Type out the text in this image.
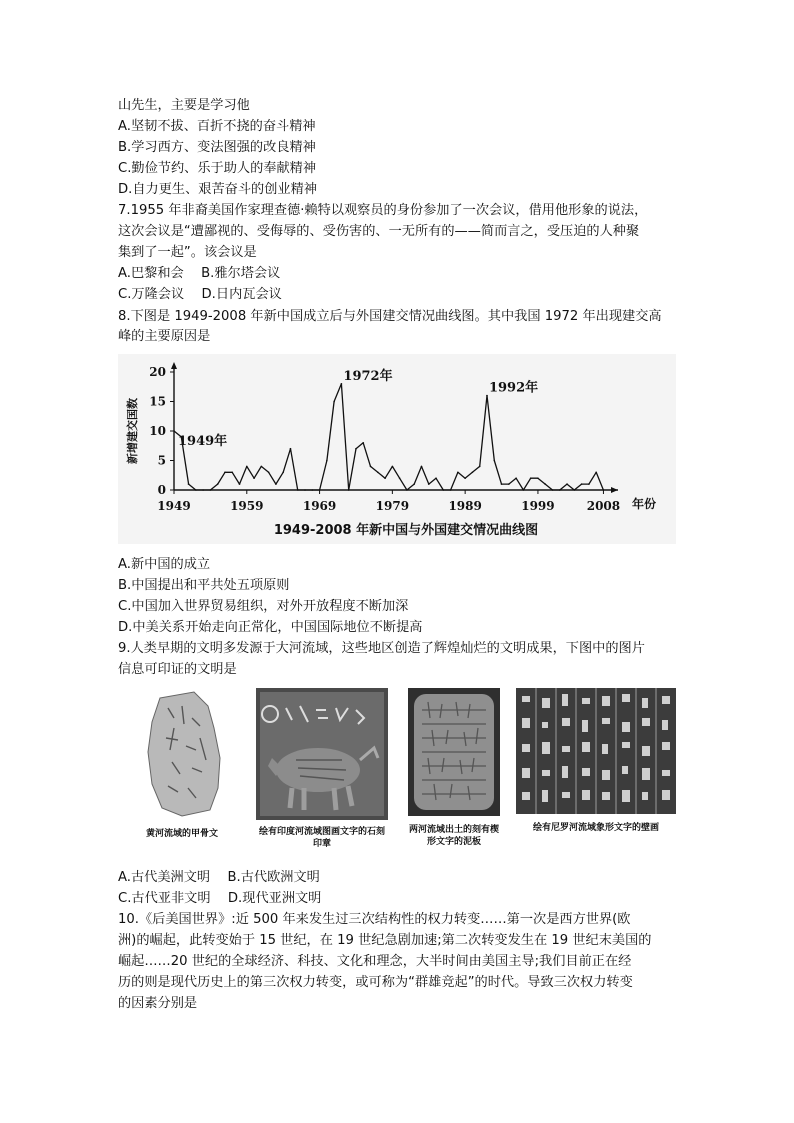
山先生，主要是学习他
A.坚韧不拔、百折不挠的奋斗精神
B.学习西方、变法图强的改良精神
C.勤俭节约、乐于助人的奉献精神
D.自力更生、艰苦奋斗的创业精神
7.1955 年非裔美国作家理查德·赖特以观察员的身份参加了一次会议，借用他形象的说法，
这次会议是“遭鄙视的、受侮辱的、受伤害的、一无所有的——简而言之，受压迫的人种聚
集到了一起”。该会议是
A.巴黎和会　 B.雅尔塔会议
C.万隆会议　 D.日内瓦会议
8.下图是 1949-2008 年新中国成立后与外国建交情况曲线图。其中我国 1972 年出现建交高
峰的主要原因是
0
5
10
15
20
1949	1959	1969	1979	1989	1999	2008 年份
新增建交国数
1949-2008 年新中国与外国建交情况曲线图
1949年
1972年
1992年
A.新中国的成立
B.中国提出和平共处五项原则
C.中国加入世界贸易组织，对外开放程度不断加深
D.中美关系开始走向正常化，中国国际地位不断提高
9.人类早期的文明多发源于大河流域，这些地区创造了辉煌灿烂的文明成果，下图中的图片
信息可印证的文明是
黄河流域的甲骨文	绘有印度河流域图画文字的石刻印章
两河流域出土的刻有楔形文字的泥板
绘有尼罗河流域象形文字的壁画
A.古代美洲文明　 B.古代欧洲文明
C.古代亚非文明　 D.现代亚洲文明
10.《后美国世界》:近 500 年来发生过三次结构性的权力转变……第一次是西方世界(欧
洲)的崛起，此转变始于 15 世纪，在 19 世纪急剧加速;第二次转变发生在 19 世纪末美国的
崛起……20 世纪的全球经济、科技、文化和理念，大半时间由美国主导;我们目前正在经
历的则是现代历史上的第三次权力转变，或可称为“群雄竞起”的时代。导致三次权力转变
的因素分别是
